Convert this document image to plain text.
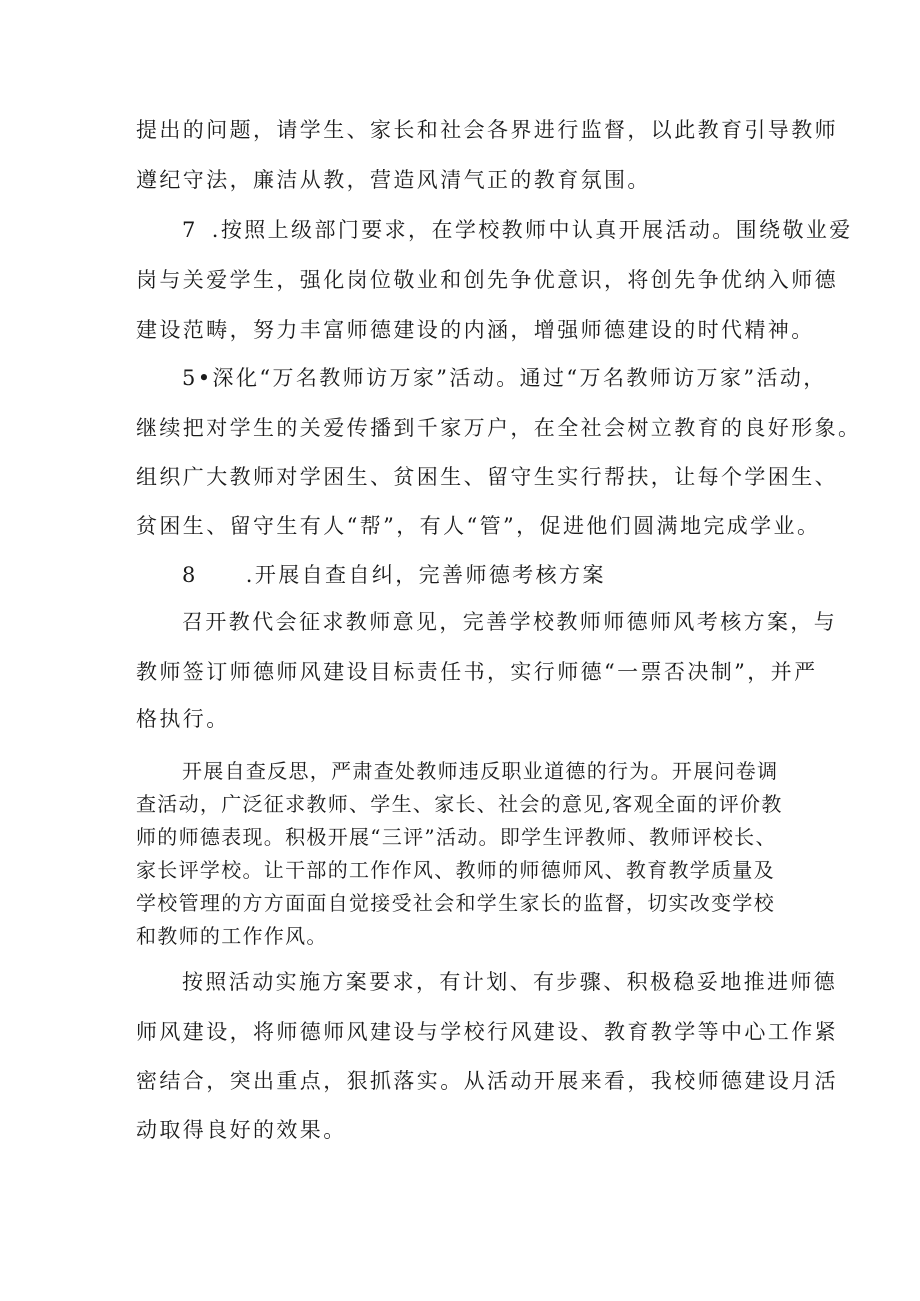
提出的问题，请学生、家长和社会各界进行监督，以此教育引导教师
遵纪守法，廉洁从教，营造风清气正的教育氛围。
7 .按照上级部门要求，在学校教师中认真开展活动。围绕敬业爱
岗与关爱学生，强化岗位敬业和创先争优意识，将创先争优纳入师德
建设范畴，努力丰富师德建设的内涵，增强师德建设的时代精神。
5•深化“万名教师访万家”活动。通过“万名教师访万家”活动，
继续把对学生的关爱传播到千家万户，在全社会树立教育的良好形象。
组织广大教师对学困生、贫困生、留守生实行帮扶，让每个学困生、
贫困生、留守生有人“帮”，有人“管”，促进他们圆满地完成学业。
8 .开展自查自纠，完善师德考核方案
召开教代会征求教师意见，完善学校教师师德师风考核方案，与
教师签订师德师风建设目标责任书，实行师德“一票否决制”，并严
格执行。
开展自查反思，严肃查处教师违反职业道德的行为。开展问卷调
查活动，广泛征求教师、学生、家长、社会的意见,客观全面的评价教
师的师德表现。积极开展“三评”活动。即学生评教师、教师评校长、
家长评学校。让干部的工作作风、教师的师德师风、教育教学质量及
学校管理的方方面面自觉接受社会和学生家长的监督，切实改变学校
和教师的工作作风。
按照活动实施方案要求，有计划、有步骤、积极稳妥地推进师德
师风建设，将师德师风建设与学校行风建设、教育教学等中心工作紧
密结合，突出重点，狠抓落实。从活动开展来看，我校师德建设月活
动取得良好的效果。
